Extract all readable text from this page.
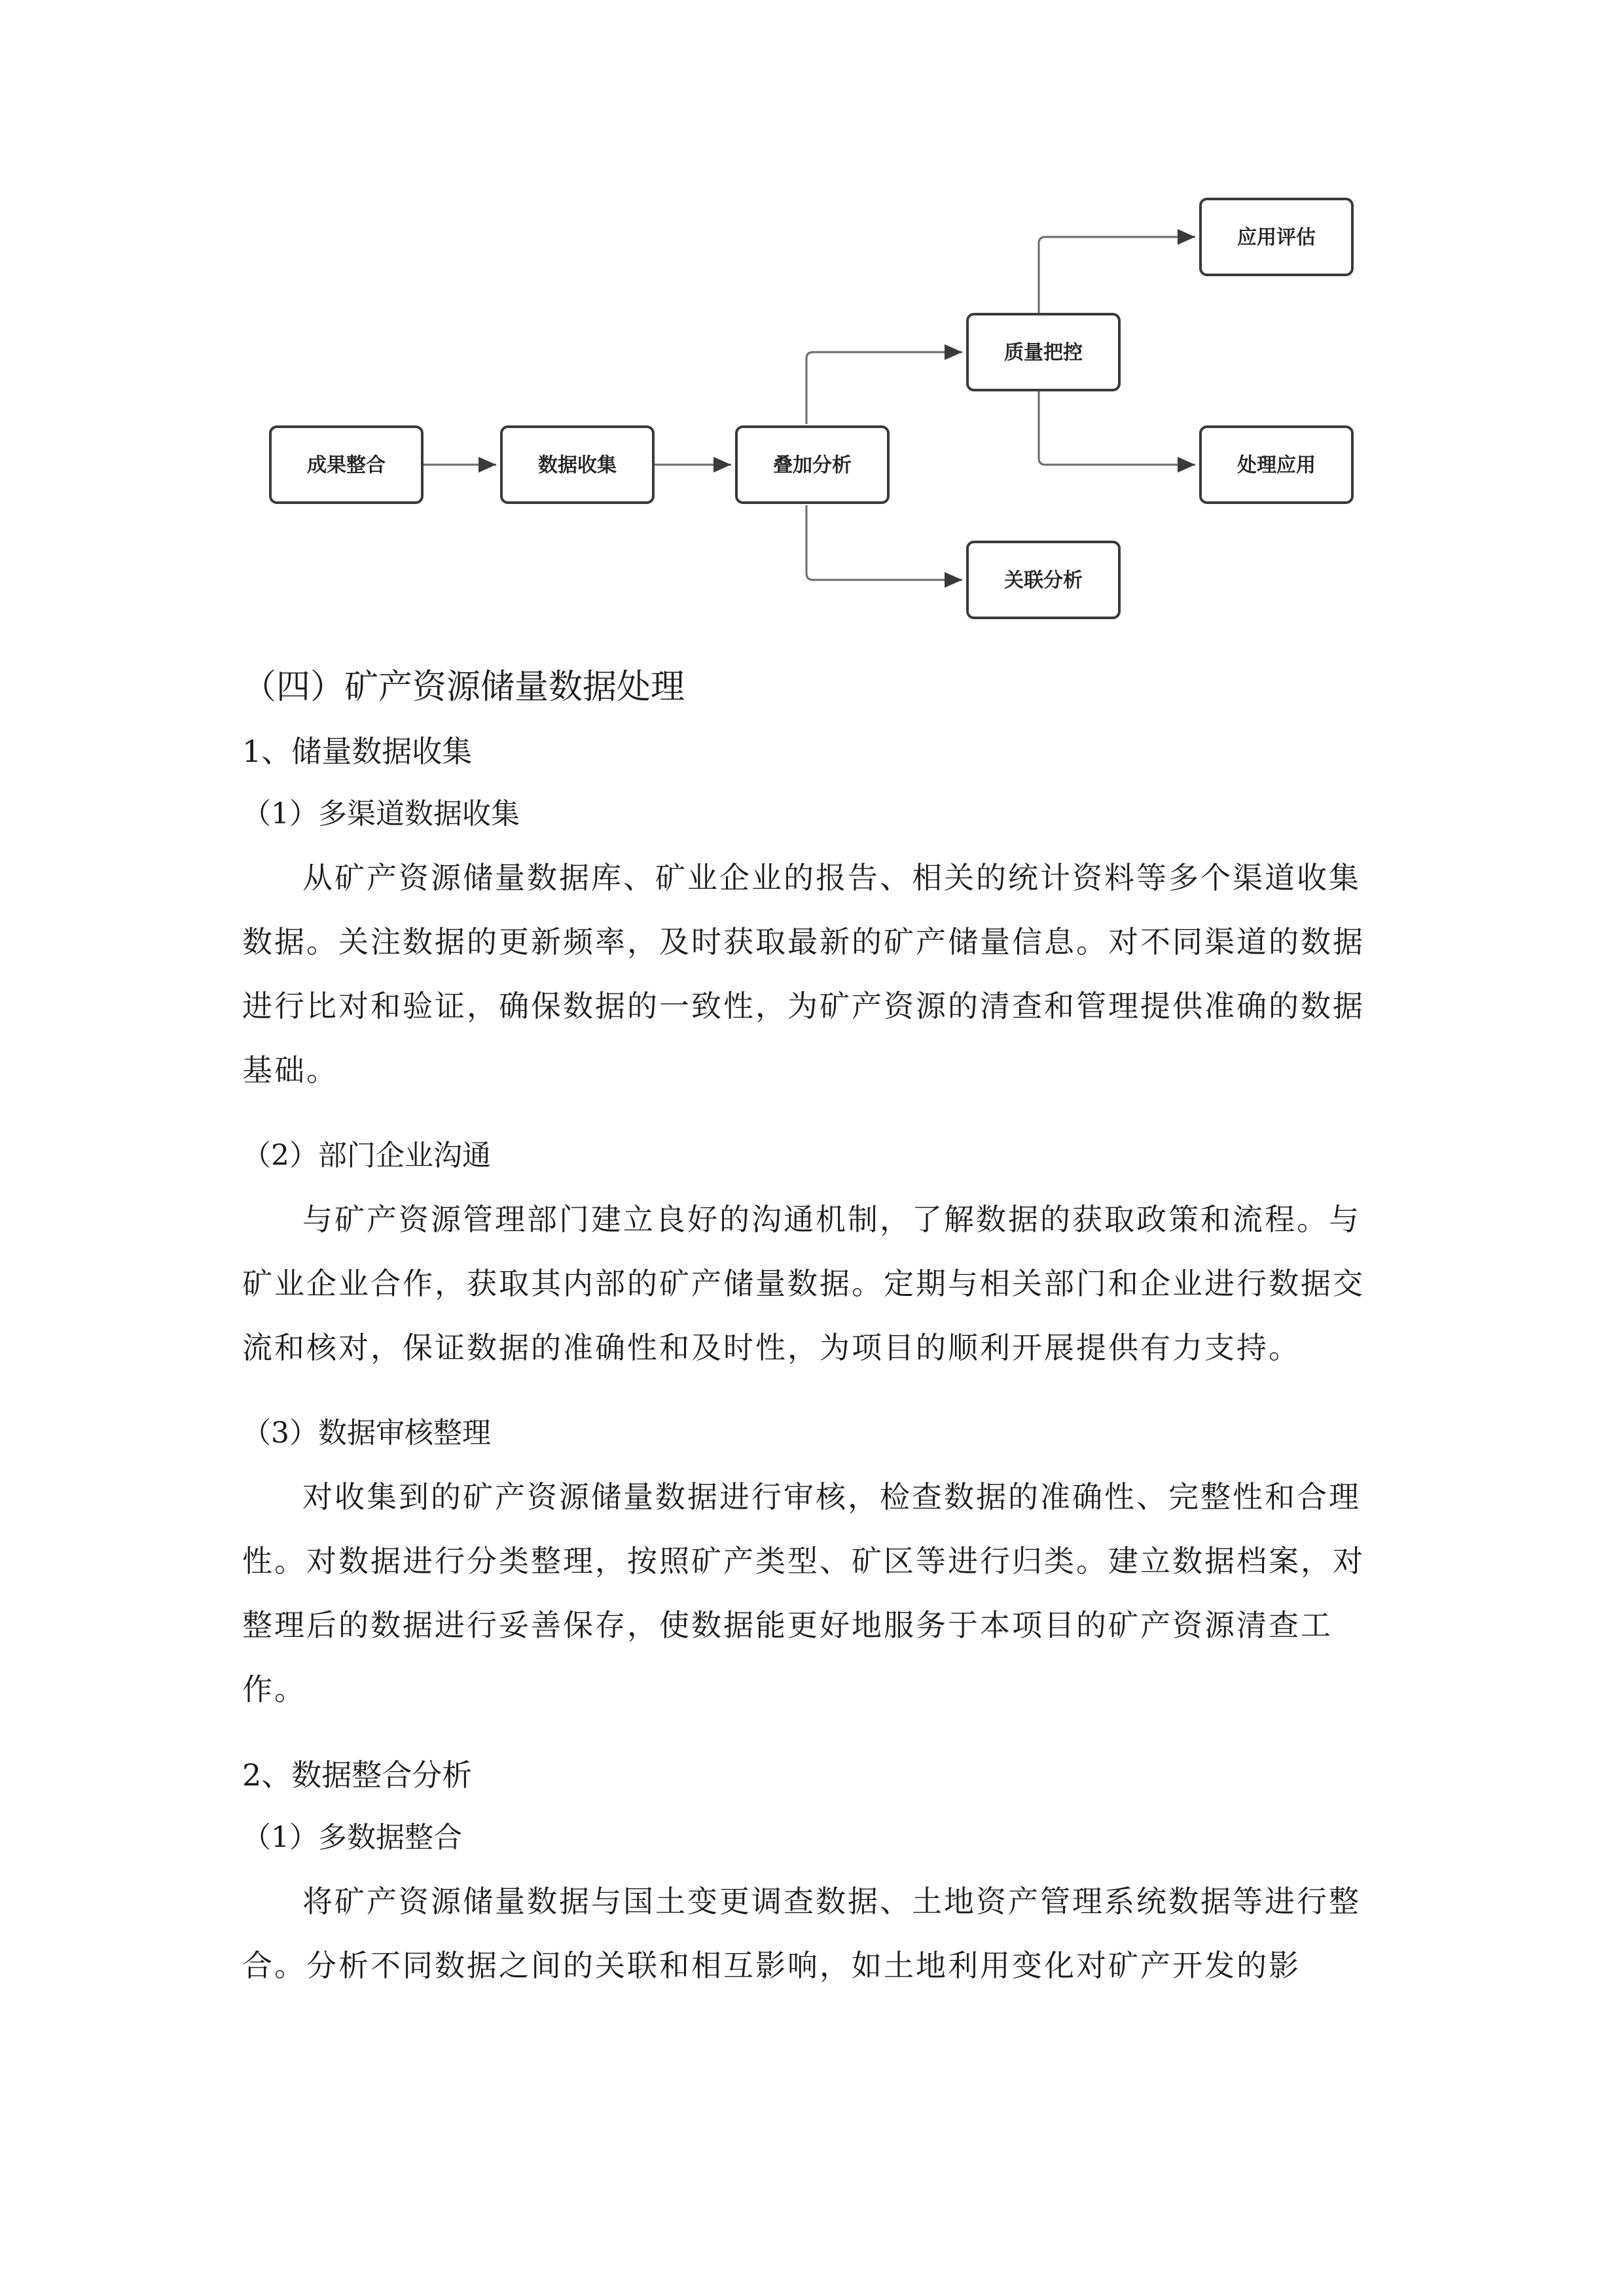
成果整合	数据收集	叠加分析
质量把控
关联分析
应用评估
处理应用
（四）矿产资源储量数据处理
1、储量数据收集
（1）多渠道数据收集

从矿产资源储量数据库、矿业企业的报告、相关的统计资料等多个渠道收集数据。关注数据的更新频率，及时获取最新的矿产储量信息。对不同渠道的数据进行比对和验证，确保数据的一致性，为矿产资源的清查和管理提供准确的数据基础。

（2）部门企业沟通

与矿产资源管理部门建立良好的沟通机制，了解数据的获取政策和流程。与矿业企业合作，获取其内部的矿产储量数据。定期与相关部门和企业进行数据交流和核对，保证数据的准确性和及时性，为项目的顺利开展提供有力支持。

（3）数据审核整理

对收集到的矿产资源储量数据进行审核，检查数据的准确性、完整性和合理性。对数据进行分类整理，按照矿产类型、矿区等进行归类。建立数据档案，对整理后的数据进行妥善保存，使数据能更好地服务于本项目的矿产资源清查工作。

2、数据整合分析
（1）多数据整合

将矿产资源储量数据与国土变更调查数据、土地资产管理系统数据等进行整合。分析不同数据之间的关联和相互影响，如土地利用变化对矿产开发的影
